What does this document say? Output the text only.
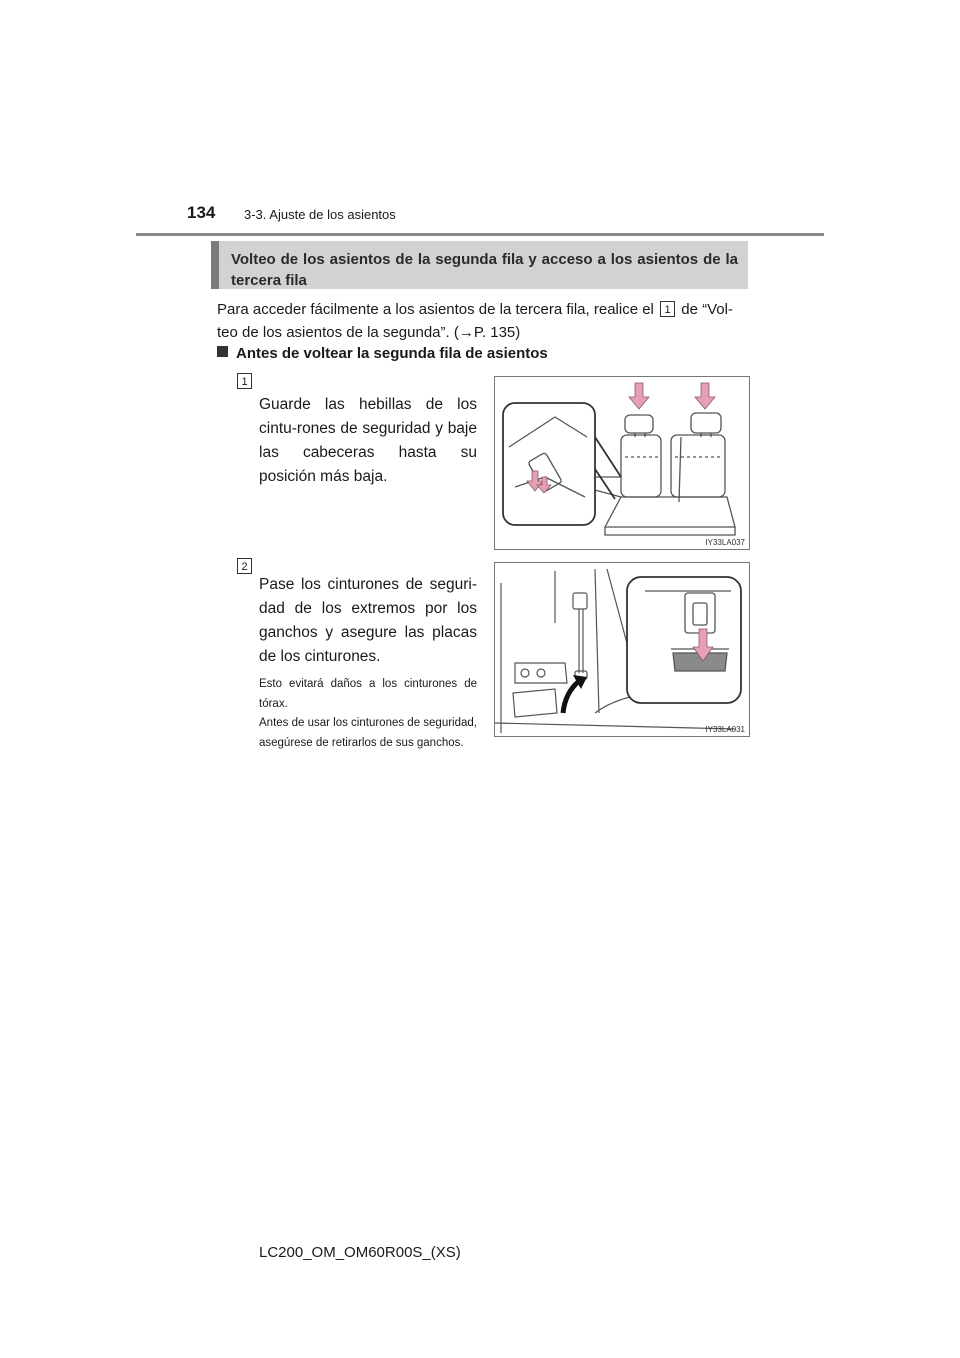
134 3-3. Ajuste de los asientos
Volteo de los asientos de la segunda fila y acceso a los asientos de la tercera fila
Para acceder fácilmente a los asientos de la tercera fila, realice el 1 de “Vol-teo de los asientos de la segunda”. (→P. 135)
Antes de voltear la segunda fila de asientos
1
Guarde las hebillas de los cintu-rones de seguridad y baje las cabeceras hasta su posición más baja.
IY33LA037
2
Pase los cinturones de seguri-dad de los extremos por los ganchos y asegure las placas de los cinturones.
Esto evitará daños a los cinturones de tórax.
Antes de usar los cinturones de seguridad, asegúrese de retirarlos de sus ganchos.
IY33LA031
LC200_OM_OM60R00S_(XS)
